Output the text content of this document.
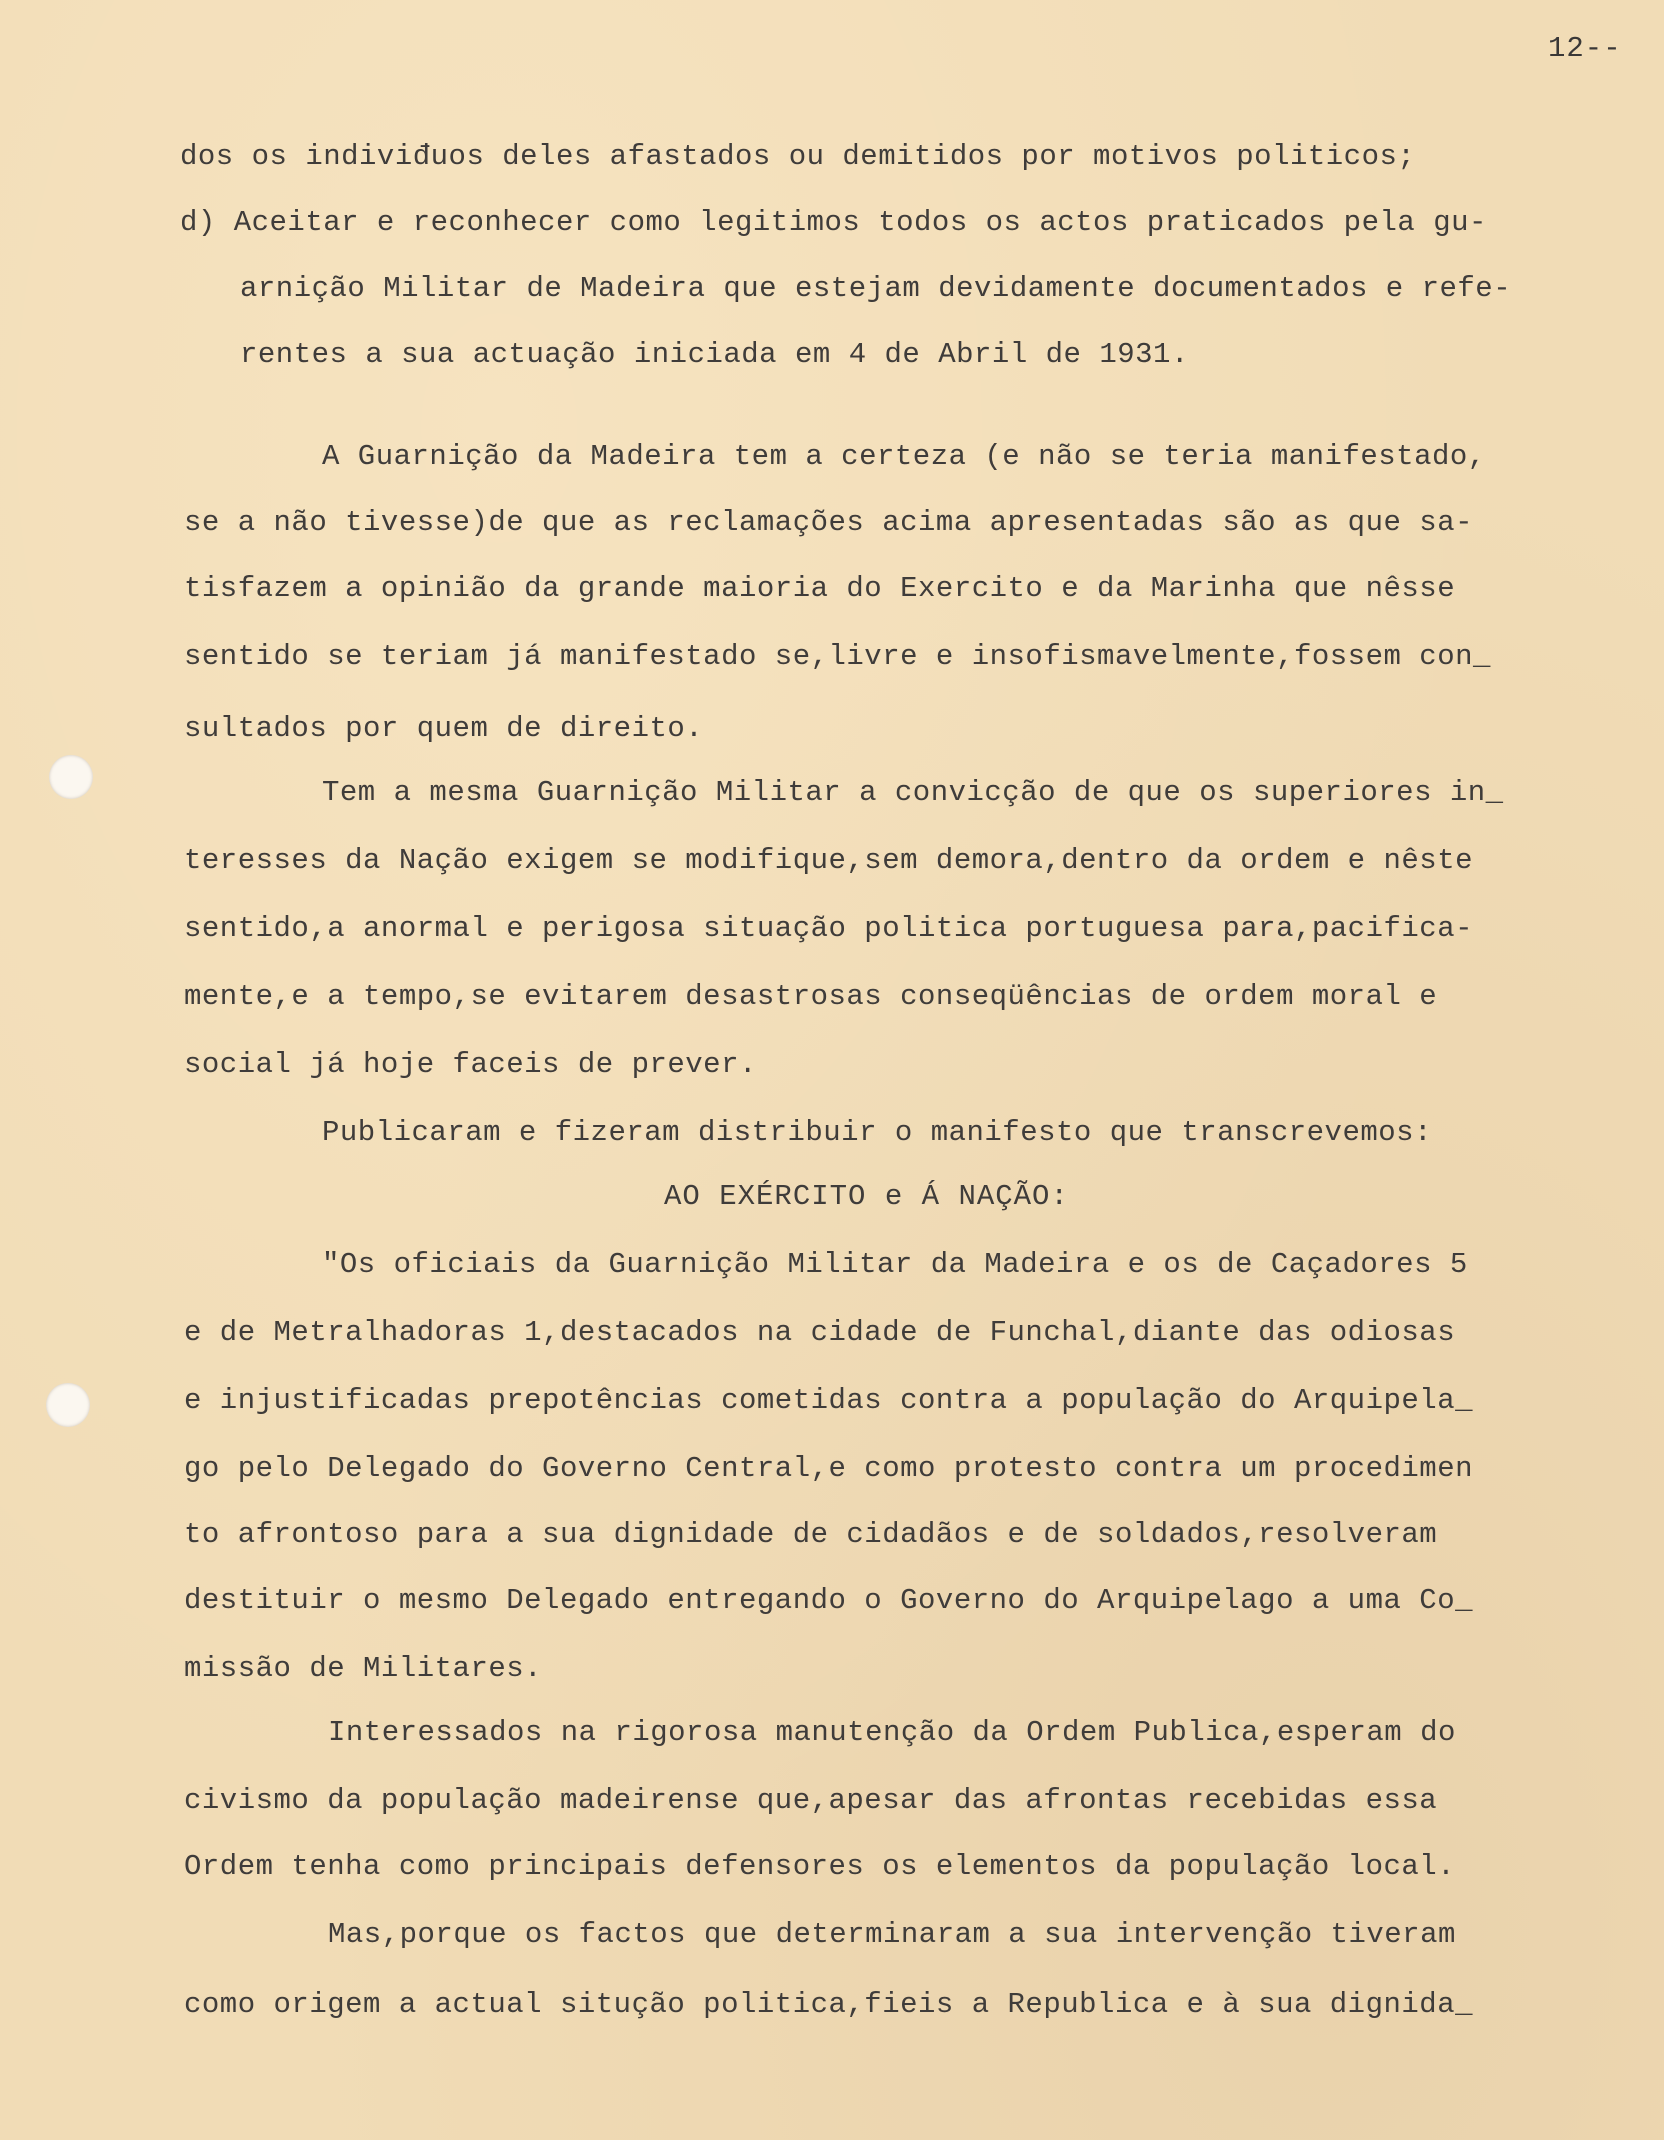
12--
dos os indiviđuos deles afastados ou demitidos por motivos politicos;
d) Aceitar e reconhecer como legitimos todos os actos praticados pela gu-
arnição Militar de Madeira que estejam devidamente documentados e refe-
rentes a sua actuação iniciada em 4 de Abril de 1931.
A Guarnição da Madeira tem a certeza (e não se teria manifestado,
se a não tivesse)de que as reclamações acima apresentadas são as que sa-
tisfazem a opinião da grande maioria do Exercito e da Marinha que nêsse
sentido se teriam já manifestado se,livre e insofismavelmente,fossem con_
sultados por quem de direito.
Tem a mesma Guarnição Militar a convicção de que os superiores in_
teresses da Nação exigem se modifique,sem demora,dentro da ordem e nêste
sentido,a anormal e perigosa situação politica portuguesa para,pacifica-
mente,e a tempo,se evitarem desastrosas conseqüências de ordem moral e
social já hoje faceis de prever.
Publicaram e fizeram distribuir o manifesto que transcrevemos:
AO EXÉRCITO e Á NAÇÃO:
"Os oficiais da Guarnição Militar da Madeira e os de Caçadores 5
e de Metralhadoras 1,destacados na cidade de Funchal,diante das odiosas
e injustificadas prepotências cometidas contra a população do Arquipela_
go pelo Delegado do Governo Central,e como protesto contra um procedimen
to afrontoso para a sua dignidade de cidadãos e de soldados,resolveram
destituir o mesmo Delegado entregando o Governo do Arquipelago a uma Co_
missão de Militares.
Interessados na rigorosa manutenção da Ordem Publica,esperam do
civismo da população madeirense que,apesar das afrontas recebidas essa
Ordem tenha como principais defensores os elementos da população local.
Mas,porque os factos que determinaram a sua intervenção tiveram
como origem a actual situção politica,fieis a Republica e à sua dignida_
